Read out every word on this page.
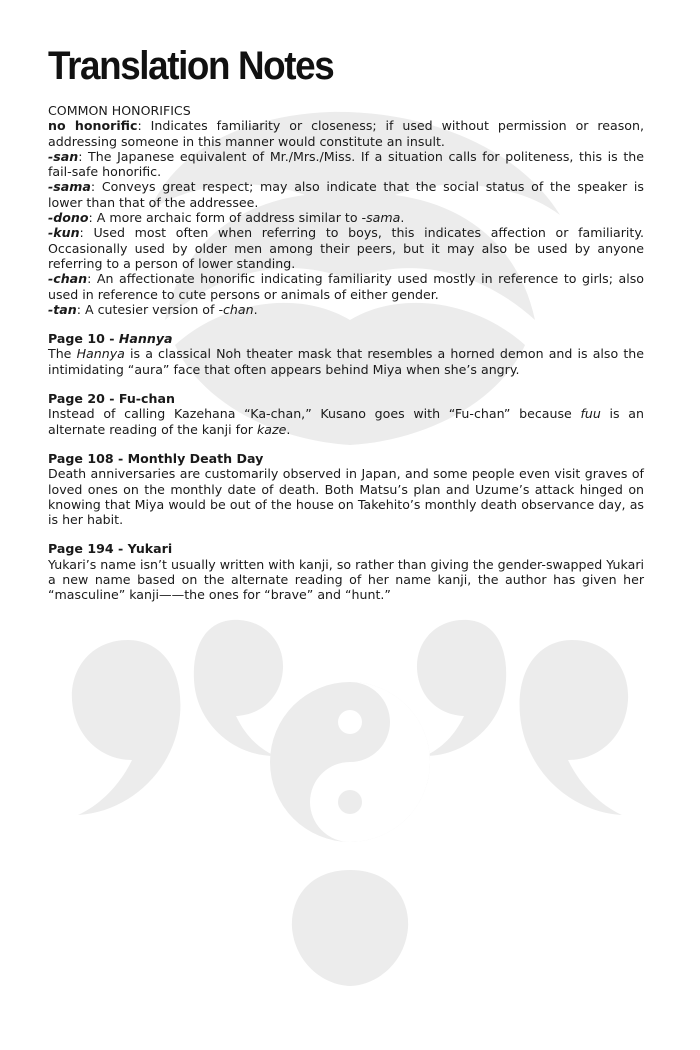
Translation Notes

COMMON HONORIFICS

no honorific: Indicates familiarity or closeness; if used without permission or reason, addressing someone in this manner would constitute an insult.

-san: The Japanese equivalent of Mr./Mrs./Miss. If a situation calls for politeness, this is the fail-safe honorific.

-sama: Conveys great respect; may also indicate that the social status of the speaker is lower than that of the addressee.

-dono: A more archaic form of address similar to -sama.

-kun: Used most often when referring to boys, this indicates affection or familiarity. Occasionally used by older men among their peers, but it may also be used by anyone referring to a person of lower standing.

-chan: An affectionate honorific indicating familiarity used mostly in reference to girls; also used in reference to cute persons or animals of either gender.

-tan: A cutesier version of -chan.

Page 10 - Hannya

The Hannya is a classical Noh theater mask that resembles a horned demon and is also the intimidating “aura” face that often appears behind Miya when she’s angry.

Page 20 - Fu-chan

Instead of calling Kazehana “Ka-chan,” Kusano goes with “Fu-chan” because fuu is an alternate reading of the kanji for kaze.

Page 108 - Monthly Death Day

Death anniversaries are customarily observed in Japan, and some people even visit graves of loved ones on the monthly date of death. Both Matsu’s plan and Uzume’s attack hinged on knowing that Miya would be out of the house on Takehito’s monthly death observance day, as is her habit.

Page 194 - Yukari

Yukari’s name isn’t usually written with kanji, so rather than giving the gender-swapped Yukari a new name based on the alternate reading of her name kanji, the author has given her “masculine” kanji——the ones for “brave” and “hunt.”
